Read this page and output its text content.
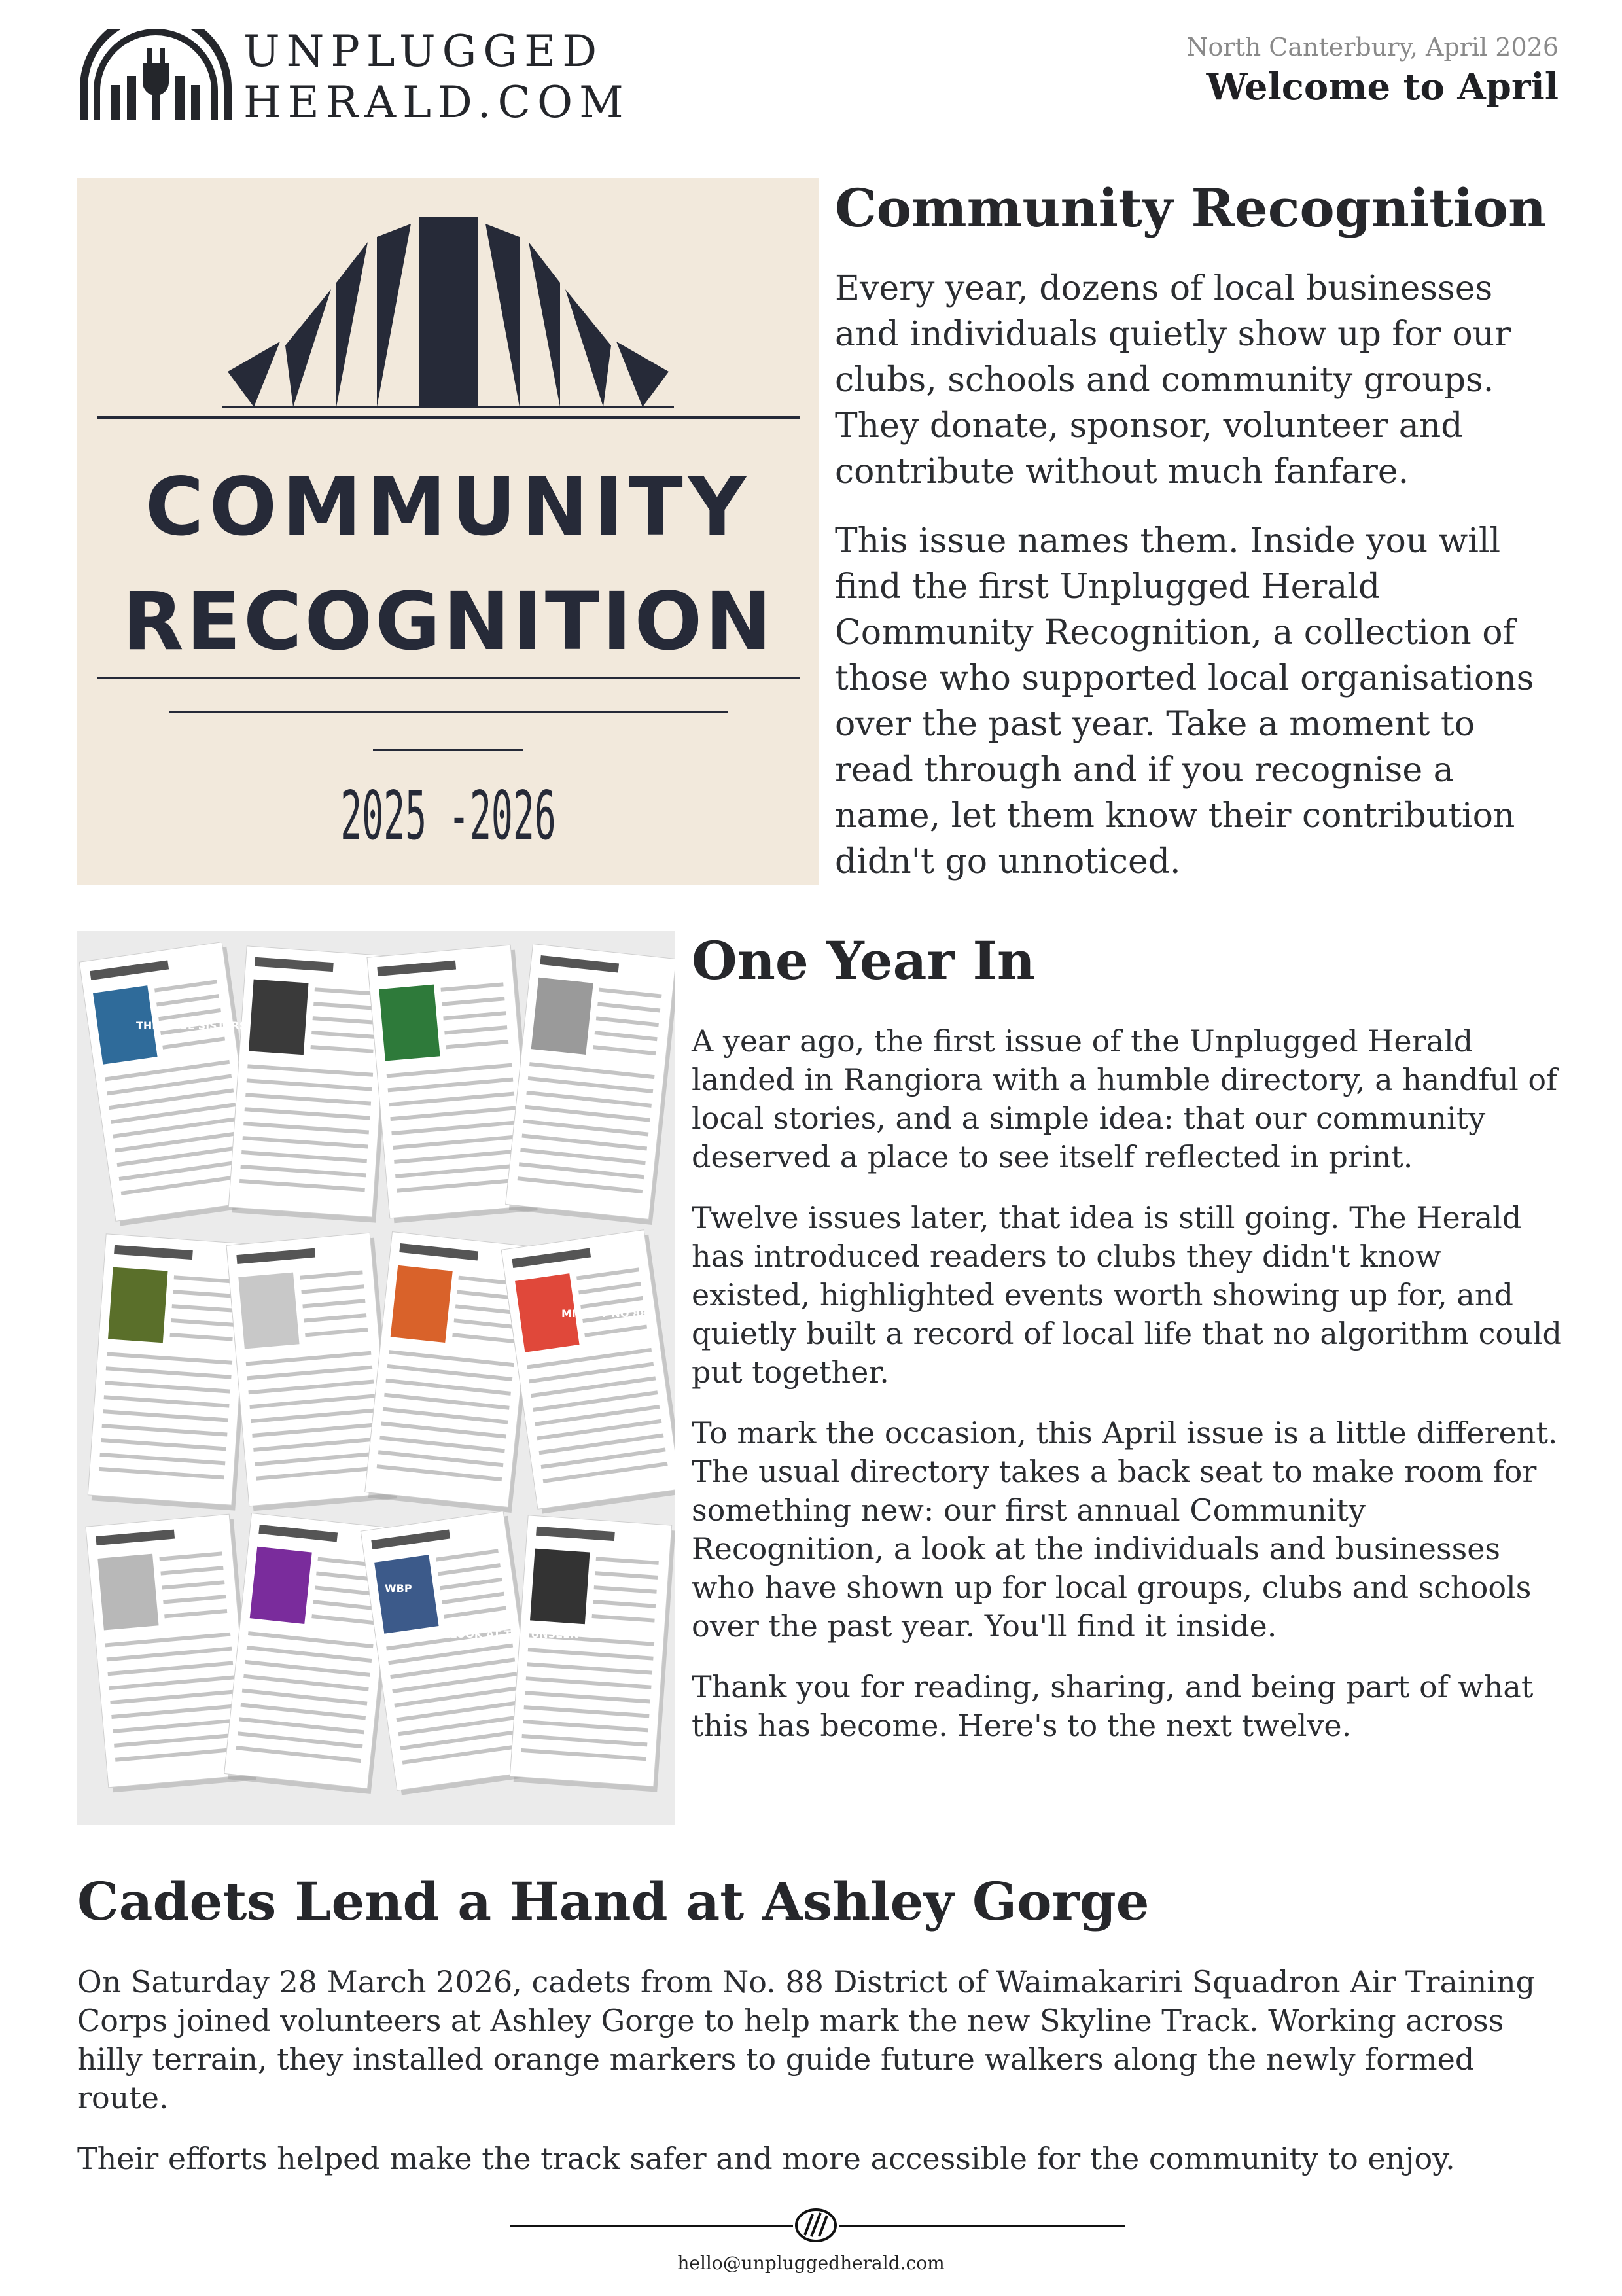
UNPLUGGED
HERALD.COM
North Canterbury, April 2026
Welcome to April
COMMUNITY
RECOGNITION
2025 -2026
Community Recognition

Every year, dozens of local businesses and individuals quietly show up for our clubs, schools and community groups. They donate, sponsor, volunteer and contribute without much fanfare.

This issue names them. Inside you will find the first Unplugged Herald Community Recognition, a collection of those who supported local organisations over the past year. Take a moment to read through and if you recognise a name, let them know their contribution didn't go unnoticed.

THE SOUL SISTERS
MIGHTY NO 88
WBP
LOOK AT THE UNSEEN
One Year In

A year ago, the first issue of the Unplugged Herald landed in Rangiora with a humble directory, a handful of local stories, and a simple idea: that our community deserved a place to see itself reflected in print.

Twelve issues later, that idea is still going. The Herald has introduced readers to clubs they didn't know existed, highlighted events worth showing up for, and quietly built a record of local life that no algorithm could put together.

To mark the occasion, this April issue is a little different. The usual directory takes a back seat to make room for something new: our first annual Community Recognition, a look at the individuals and businesses who have shown up for local groups, clubs and schools over the past year. You'll find it inside.

Thank you for reading, sharing, and being part of what this has become. Here's to the next twelve.

Cadets Lend a Hand at Ashley Gorge

On Saturday 28 March 2026, cadets from No. 88 District of Waimakariri Squadron Air Training Corps joined volunteers at Ashley Gorge to help mark the new Skyline Track. Working across hilly terrain, they installed orange markers to guide future walkers along the newly formed route.

Their efforts helped make the track safer and more accessible for the community to enjoy.

hello@unpluggedherald.com
